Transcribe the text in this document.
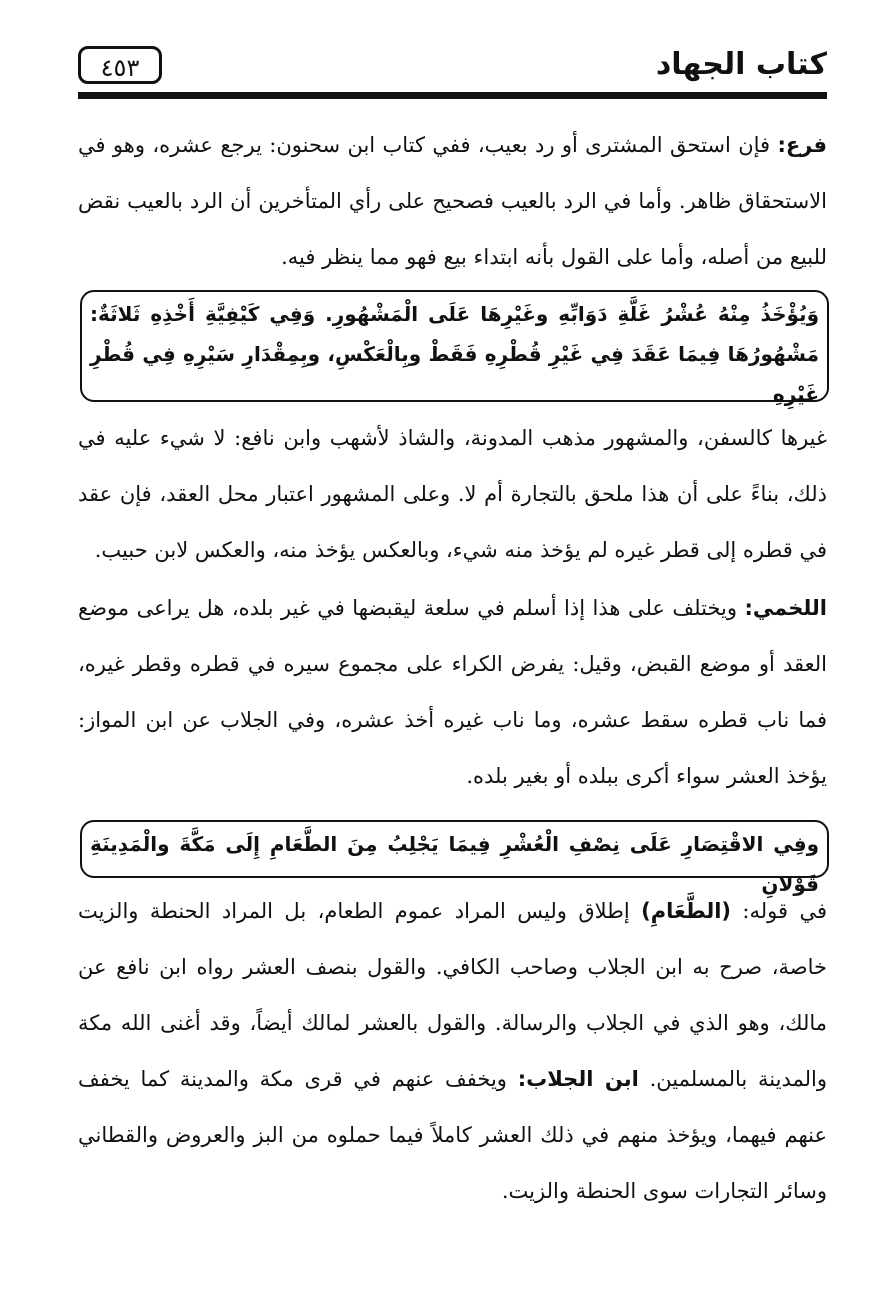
كتاب الجهاد
٤٥٣

فرع: فإن استحق المشترى أو رد بعيب، ففي كتاب ابن سحنون: يرجع عشره، وهو في الاستحقاق ظاهر. وأما في الرد بالعيب فصحيح على رأي المتأخرين أن الرد بالعيب نقض للبيع من أصله، وأما على القول بأنه ابتداء بيع فهو مما ينظر فيه.

وَيُؤْخَذُ مِنْهُ عُشْرُ غَلَّةِ دَوَابِّهِ وغَيْرِهَا عَلَى الْمَشْهُورِ. وَفِي كَيْفِيَّةِ أَخْذِهِ ثَلاثَةٌ: مَشْهُورُهَا فِيمَا عَقَدَ فِي غَيْرِ قُطْرِهِ فَقَطْ وبِالْعَكْسِ، وبِمِقْدَارِ سَيْرِهِ فِي قُطْرِ غَيْرِهِ

غيرها كالسفن، والمشهور مذهب المدونة، والشاذ لأشهب وابن نافع: لا شيء عليه في ذلك، بناءً على أن هذا ملحق بالتجارة أم لا. وعلى المشهور اعتبار محل العقد، فإن عقد في قطره إلى قطر غيره لم يؤخذ منه شيء، وبالعكس يؤخذ منه، والعكس لابن حبيب.

اللخمي: ويختلف على هذا إذا أسلم في سلعة ليقبضها في غير بلده، هل يراعى موضع العقد أو موضع القبض، وقيل: يفرض الكراء على مجموع سيره في قطره وقطر غيره، فما ناب قطره سقط عشره، وما ناب غيره أخذ عشره، وفي الجلاب عن ابن المواز: يؤخذ العشر سواء أكرى ببلده أو بغير بلده.

وفِي الاقْتِصَارِ عَلَى نِصْفِ الْعُشْرِ فِيمَا يَجْلِبُ مِنَ الطَّعَامِ إِلَى مَكَّةَ والْمَدِينَةِ قَوْلانِ

في قوله: (الطَّعَامِ) إطلاق وليس المراد عموم الطعام، بل المراد الحنطة والزيت خاصة، صرح به ابن الجلاب وصاحب الكافي. والقول بنصف العشر رواه ابن نافع عن مالك، وهو الذي في الجلاب والرسالة. والقول بالعشر لمالك أيضاً، وقد أغنى الله مكة والمدينة بالمسلمين. ابن الجلاب: ويخفف عنهم في قرى مكة والمدينة كما يخفف عنهم فيهما، ويؤخذ منهم في ذلك العشر كاملاً فيما حملوه من البز والعروض والقطاني وسائر التجارات سوى الحنطة والزيت.
